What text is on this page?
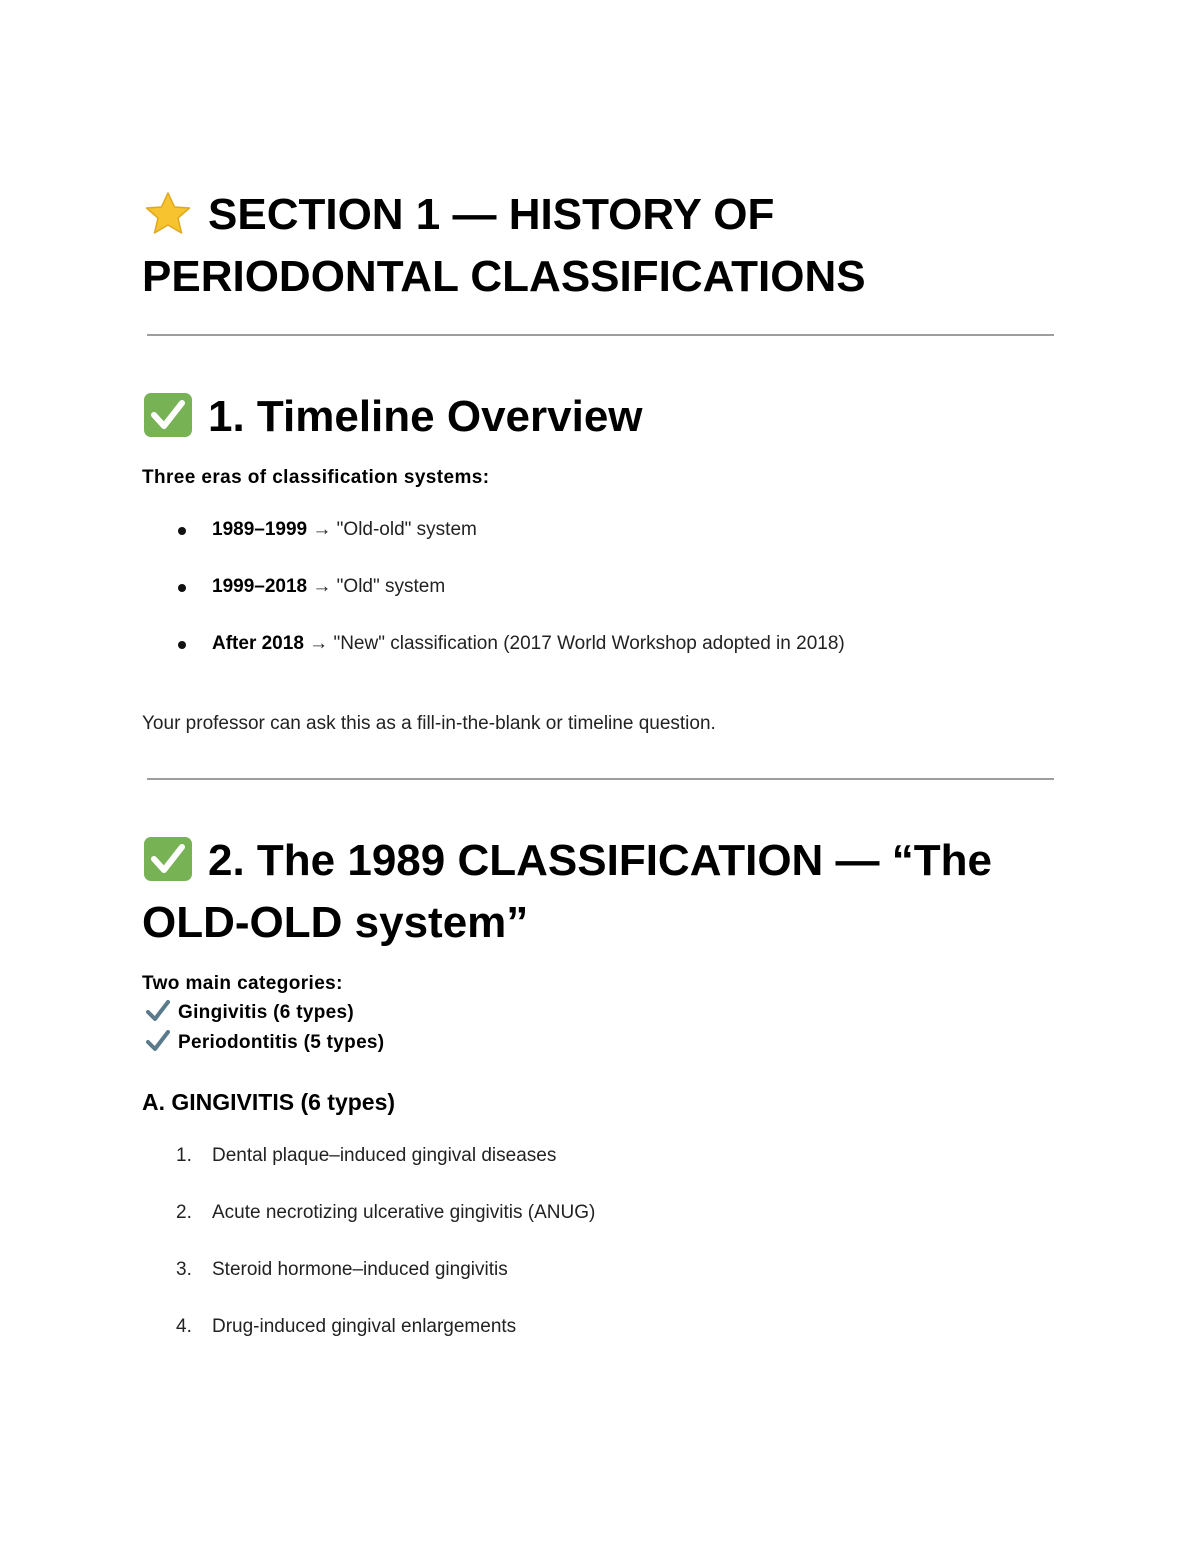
SECTION 1 — HISTORY OF PERIODONTAL CLASSIFICATIONS
1. Timeline Overview

Three eras of classification systems:

1989–1999 → "Old-old" system
1999–2018 → "Old" system
After 2018 → "New" classification (2017 World Workshop adopted in 2018)

Your professor can ask this as a fill-in-the-blank or timeline question.

2. The 1989 CLASSIFICATION — “The OLD-OLD system”

Two main categories:

Gingivitis (6 types)

Periodontitis (5 types)

A. GINGIVITIS (6 types)
1. Dental plaque–induced gingival diseases
2. Acute necrotizing ulcerative gingivitis (ANUG)
3. Steroid hormone–induced gingivitis
4. Drug-induced gingival enlargements
